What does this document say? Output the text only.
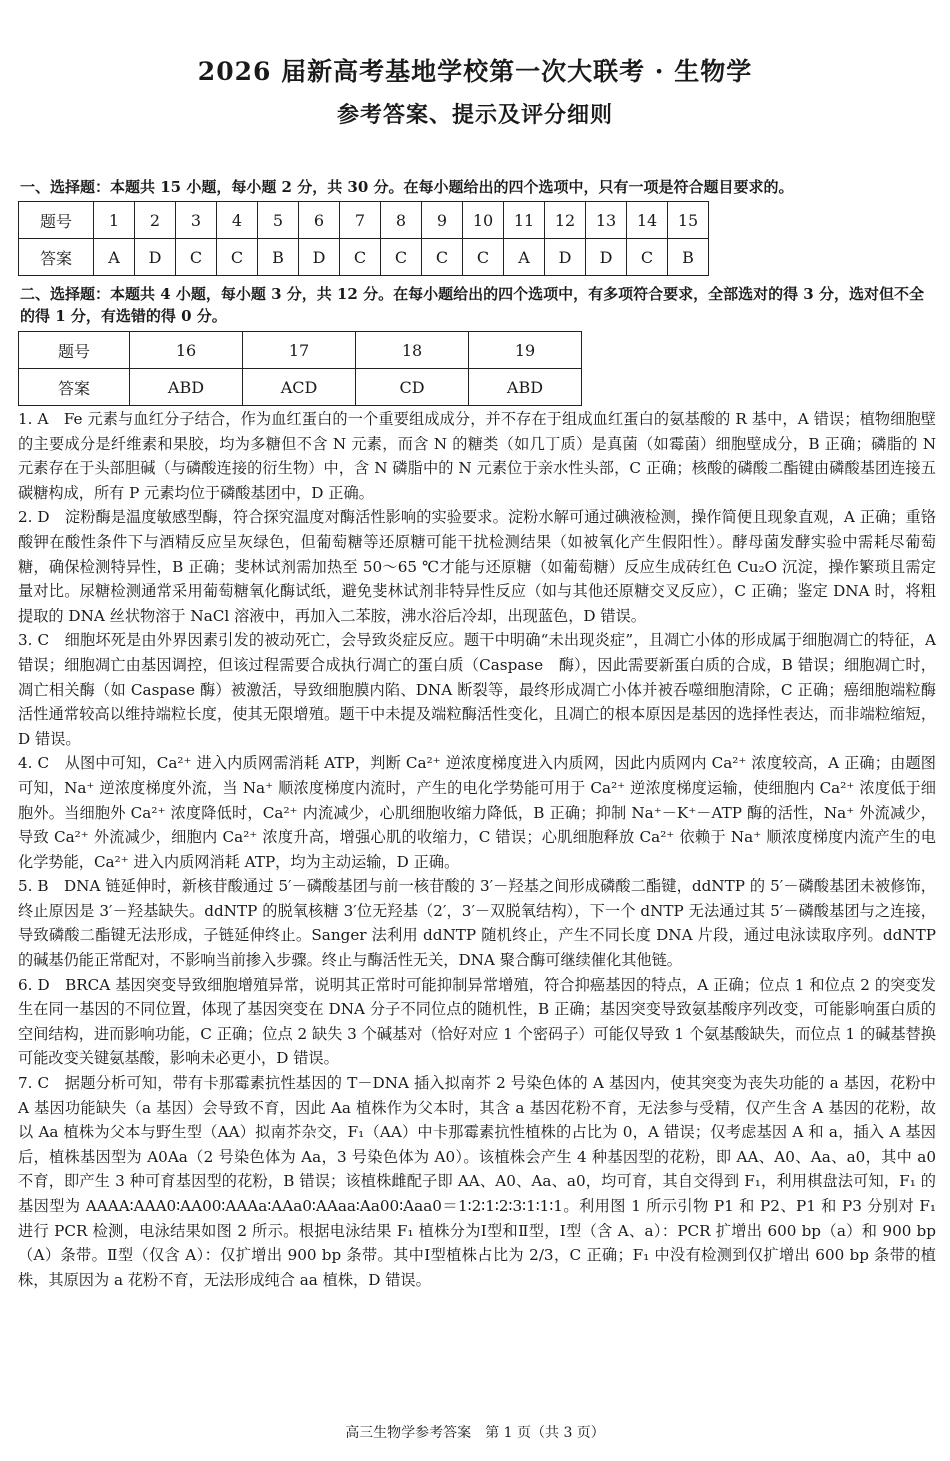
2026 届新高考基地学校第一次大联考 · 生物学
参考答案、提示及评分细则
一、选择题：本题共 15 小题，每小题 2 分，共 30 分。在每小题给出的四个选项中，只有一项是符合题目要求的。
题号	1	2	3	4	5	6	7	8	9	10	11	12	13	14	15
答案	A	D	C	C	B	D	C	C	C	C	A	D	D	C	B
二、选择题：本题共 4 小题，每小题 3 分，共 12 分。在每小题给出的四个选项中，有多项符合要求，全部选对的得 3 分，选对但不全的得 1 分，有选错的得 0 分。
题号	16	17	18	19
答案	ABD	ACD	CD	ABD

1. A　Fe 元素与血红分子结合，作为血红蛋白的一个重要组成成分，并不存在于组成血红蛋白的氨基酸的 R 基中，A 错误；植物细胞壁的主要成分是纤维素和果胶，均为多糖但不含 N 元素，而含 N 的糖类（如几丁质）是真菌（如霉菌）细胞壁成分，B 正确；磷脂的 N 元素存在于头部胆碱（与磷酸连接的衍生物）中，含 N 磷脂中的 N 元素位于亲水性头部，C 正确；核酸的磷酸二酯键由磷酸基团连接五碳糖构成，所有 P 元素均位于磷酸基团中，D 正确。

2. D　淀粉酶是温度敏感型酶，符合探究温度对酶活性影响的实验要求。淀粉水解可通过碘液检测，操作简便且现象直观，A 正确；重铬酸钾在酸性条件下与酒精反应呈灰绿色，但葡萄糖等还原糖可能干扰检测结果（如被氧化产生假阳性）。酵母菌发酵实验中需耗尽葡萄糖，确保检测特异性，B 正确；斐林试剂需加热至 50～65 ℃才能与还原糖（如葡萄糖）反应生成砖红色 Cu₂O 沉淀，操作繁琐且需定量对比。尿糖检测通常采用葡萄糖氧化酶试纸，避免斐林试剂非特异性反应（如与其他还原糖交叉反应），C 正确；鉴定 DNA 时，将粗提取的 DNA 丝状物溶于 NaCl 溶液中，再加入二苯胺，沸水浴后冷却，出现蓝色，D 错误。

3. C　细胞坏死是由外界因素引发的被动死亡，会导致炎症反应。题干中明确“未出现炎症”，且凋亡小体的形成属于细胞凋亡的特征，A 错误；细胞凋亡由基因调控，但该过程需要合成执行凋亡的蛋白质（Caspase　酶），因此需要新蛋白质的合成，B 错误；细胞凋亡时，凋亡相关酶（如 Caspase 酶）被激活，导致细胞膜内陷、DNA 断裂等，最终形成凋亡小体并被吞噬细胞清除，C 正确；癌细胞端粒酶活性通常较高以维持端粒长度，使其无限增殖。题干中未提及端粒酶活性变化，且凋亡的根本原因是基因的选择性表达，而非端粒缩短，D 错误。

4. C　从图中可知，Ca²⁺ 进入内质网需消耗 ATP，判断 Ca²⁺ 逆浓度梯度进入内质网，因此内质网内 Ca²⁺ 浓度较高，A 正确；由题图可知，Na⁺ 逆浓度梯度外流，当 Na⁺ 顺浓度梯度内流时，产生的电化学势能可用于 Ca²⁺ 逆浓度梯度运输，使细胞内 Ca²⁺ 浓度低于细胞外。当细胞外 Ca²⁺ 浓度降低时，Ca²⁺ 内流减少，心肌细胞收缩力降低，B 正确；抑制 Na⁺－K⁺－ATP 酶的活性，Na⁺ 外流减少，导致 Ca²⁺ 外流减少，细胞内 Ca²⁺ 浓度升高，增强心肌的收缩力，C 错误；心肌细胞释放 Ca²⁺ 依赖于 Na⁺ 顺浓度梯度内流产生的电化学势能，Ca²⁺ 进入内质网消耗 ATP，均为主动运输，D 正确。

5. B　DNA 链延伸时，新核苷酸通过 5′－磷酸基团与前一核苷酸的 3′－羟基之间形成磷酸二酯键，ddNTP 的 5′－磷酸基团未被修饰，终止原因是 3′－羟基缺失。ddNTP 的脱氧核糖 3′位无羟基（2′，3′－双脱氧结构），下一个 dNTP 无法通过其 5′－磷酸基团与之连接，导致磷酸二酯键无法形成，子链延伸终止。Sanger 法利用 ddNTP 随机终止，产生不同长度 DNA 片段，通过电泳读取序列。ddNTP 的碱基仍能正常配对，不影响当前掺入步骤。终止与酶活性无关，DNA 聚合酶可继续催化其他链。

6. D　BRCA 基因突变导致细胞增殖异常，说明其正常时可能抑制异常增殖，符合抑癌基因的特点，A 正确；位点 1 和位点 2 的突变发生在同一基因的不同位置，体现了基因突变在 DNA 分子不同位点的随机性，B 正确；基因突变导致氨基酸序列改变，可能影响蛋白质的空间结构，进而影响功能，C 正确；位点 2 缺失 3 个碱基对（恰好对应 1 个密码子）可能仅导致 1 个氨基酸缺失，而位点 1 的碱基替换可能改变关键氨基酸，影响未必更小，D 错误。

7. C　据题分析可知，带有卡那霉素抗性基因的 T－DNA 插入拟南芥 2 号染色体的 A 基因内，使其突变为丧失功能的 a 基因，花粉中 A 基因功能缺失（a 基因）会导致不育，因此 Aa 植株作为父本时，其含 a 基因花粉不育，无法参与受精，仅产生含 A 基因的花粉，故以 Aa 植株为父本与野生型（AA）拟南芥杂交，F₁（AA）中卡那霉素抗性植株的占比为 0，A 错误；仅考虑基因 A 和 a，插入 A 基因后，植株基因型为 A0Aa（2 号染色体为 Aa，3 号染色体为 A0）。该植株会产生 4 种基因型的花粉，即 AA、A0、Aa、a0，其中 a0 不育，即产生 3 种可育基因型的花粉，B 错误；该植株雌配子即 AA、A0、Aa、a0，均可育，其自交得到 F₁，利用棋盘法可知，F₁ 的基因型为 AAAA∶AAA0∶AA00∶AAAa∶AAa0∶AAaa∶Aa00∶Aaa0＝1∶2∶1∶2∶3∶1∶1∶1。利用图 1 所示引物 P1 和 P2、P1 和 P3 分别对 F₁ 进行 PCR 检测，电泳结果如图 2 所示。根据电泳结果 F₁ 植株分为Ⅰ型和Ⅱ型，Ⅰ型（含 A、a）：PCR 扩增出 600 bp（a）和 900 bp（A）条带。Ⅱ型（仅含 A）：仅扩增出 900 bp 条带。其中Ⅰ型植株占比为 2/3，C 正确；F₁ 中没有检测到仅扩增出 600 bp 条带的植株，其原因为 a 花粉不育，无法形成纯合 aa 植株，D 错误。

高三生物学参考答案　第 1 页（共 3 页）
